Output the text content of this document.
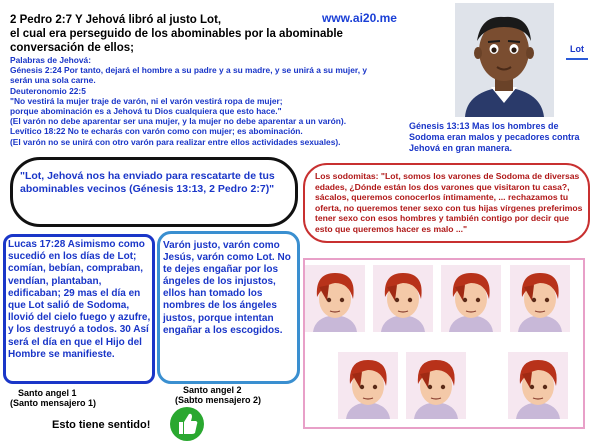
2 Pedro 2:7 Y Jehová libró al justo Lot,
el cual era perseguido de los abominables por la abominable
conversación de ellos;
www.ai20.me
Palabras de Jehová:
Génesis 2:24 Por tanto, dejará el hombre a su padre y a su madre, y se unirá a su mujer, y
serán una sola carne.
Deuteronomio 22:5
"No vestirá la mujer traje de varón, ni el varón vestirá ropa de mujer;
porque abominación es a Jehová tu Dios cualquiera que esto hace."
(El varón no debe aparentar ser una mujer, y la mujer no debe aparentar a un varón).
Levítico 18:22 No te echarás con varón como con mujer; es abominación.
(El varón no se unirá con otro varón para realizar entre ellos actividades sexuales).
Lot
Génesis 13:13 Mas los hombres de Sodoma eran malos y pecadores contra Jehová en gran manera.
"Lot, Jehová nos ha enviado para rescatarte de tus abominables vecinos (Génesis 13:13, 2 Pedro 2:7)"
Los sodomitas: "Lot, somos los varones de Sodoma de diversas edades, ¿Dónde están los dos varones que visitaron tu casa?, sácalos, queremos conocerlos íntimamente, ... rechazamos tu oferta, no queremos tener sexo con tus hijas vírgenes preferimos tener sexo con esos hombres y también contigo por decir que esto que queremos hacer es malo ..."
Lucas 17:28 Asimismo como sucedió en los días de Lot; comían, bebían, compraban, vendían, plantaban, edificaban; 29 mas el día en que Lot salió de Sodoma, llovió del cielo fuego y azufre, y los destruyó a todos. 30 Así será el día en que el Hijo del Hombre se manifieste.
Varón justo, varón como Jesús, varón como Lot. No te dejes engañar por los ángeles de los injustos, ellos han tomado los nombres de los ángeles justos, porque intentan engañar a los escogidos.
Santo angel 1
(Santo mensajero 1)
Santo angel 2
(Sabto mensajero 2)
Esto tiene sentido!
